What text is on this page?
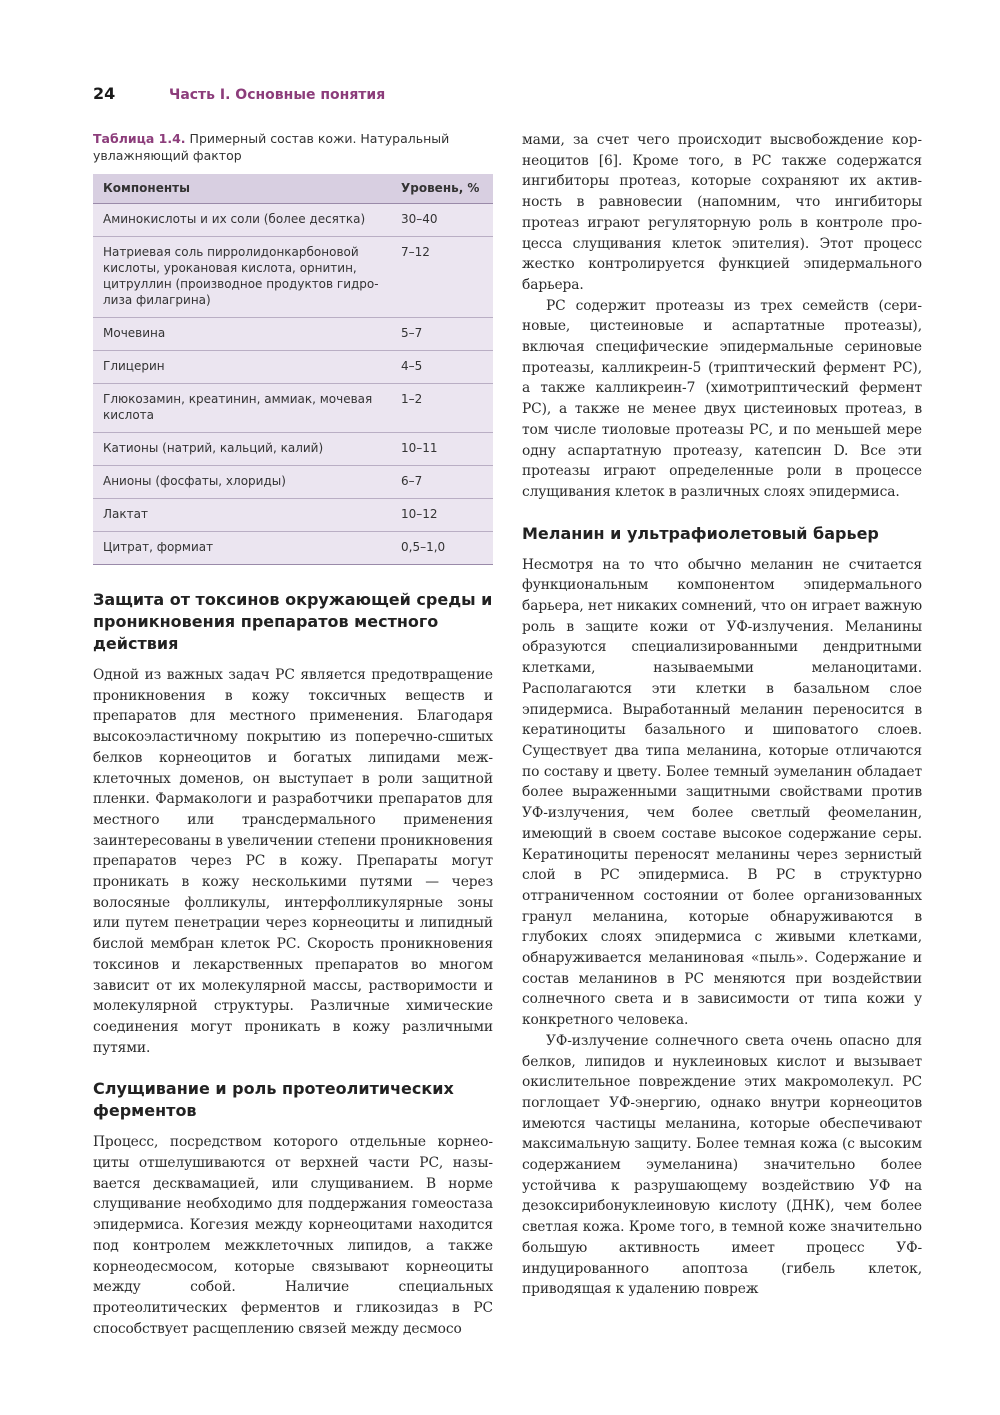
24	Часть I. Основные понятия

Таблица 1.4. Примерный состав кожи. Натуральный увлажняющий фактор

Компоненты	Уровень, %
Аминокислоты и их соли (более десятка)	30–40
Натриевая соль пирролидонкарбоновой кислоты, урокановая кислота, орнитин, цитруллин (производное продуктов гидролиза филагрина)	7–12
Мочевина	5–7
Глицерин	4–5
Глюкозамин, креатинин, аммиак, мочевая кислота	1–2
Катионы (натрий, кальций, калий)	10–11
Анионы (фосфаты, хлориды)	6–7
Лактат	10–12
Цитрат, формиат	0,5–1,0
Защита от токсинов окружающей среды и проникновения препаратов местного действия

Одной из важных задач РС является предотвращение проникновения в кожу токсичных веществ и препаратов для местного применения. Благодаря высокоэластичному покрытию из поперечно-сшитых белков корнеоцитов и богатых липидами межклеточных доменов, он выступает в роли защитной пленки. Фармакологи и разработчики препаратов для местного или трансдермального применения заинтересованы в увеличении степени проникновения препаратов через РС в кожу. Препараты могут проникать в кожу несколькими путями — через волосяные фолликулы, интерфолликулярные зоны или путем пенетрации через корнеоциты и липидный бислой мембран клеток РС. Скорость проникновения токсинов и лекарственных препаратов во многом зависит от их молекулярной массы, растворимости и молекулярной структуры. Различные химические соединения могут проникать в кожу различными путями.

Слущивание и роль протеолитических ферментов

Процесс, посредством которого отдельные корнеоциты отшелушиваются от верхней части РС, называется десквамацией, или слущиванием. В норме слущивание необходимо для поддержания гомеостаза эпидермиса. Когезия между корнеоцитами находится под контролем межклеточных липидов, а также корнеодесмосом, которые связывают корнеоциты между собой. Наличие специальных протеолитических ферментов и гликозидаз в РС способствует расщеплению связей между десмосо

мами, за счет чего происходит высвобождение корнеоцитов [6]. Кроме того, в РС также содержатся ингибиторы протеаз, которые сохраняют их активность в равновесии (напомним, что ингибиторы протеаз играют регуляторную роль в контроле процесса слущивания клеток эпителия). Этот процесс жестко контролируется функцией эпидермального барьера.

РС содержит протеазы из трех семейств (сериновые, цистеиновые и аспартатные протеазы), включая специфические эпидермальные сериновые протеазы, калликреин-5 (триптический фермент РС), а также калликреин-7 (химотриптический фермент РС), а также не менее двух цистеиновых протеаз, в том числе тиоловые протеазы РС, и по меньшей мере одну аспартатную протеазу, катепсин D. Все эти протеазы играют определенные роли в процессе слущивания клеток в различных слоях эпидермиса.

Меланин и ультрафиолетовый барьер

Несмотря на то что обычно меланин не считается функциональным компонентом эпидермального барьера, нет никаких сомнений, что он играет важную роль в защите кожи от УФ-излучения. Меланины образуются специализированными дендритными клетками, называемыми меланоцитами. Располагаются эти клетки в базальном слое эпидермиса. Выработанный меланин переносится в кератиноциты базального и шиповатого слоев. Существует два типа меланина, которые отличаются по составу и цвету. Более темный эумеланин обладает более выраженными защитными свойствами против УФ-излучения, чем более светлый феомеланин, имеющий в своем составе высокое содержание серы. Кератиноциты переносят меланины через зернистый слой в РС эпидермиса. В РС в структурно отграниченном состоянии от более организованных гранул меланина, которые обнаруживаются в глубоких слоях эпидермиса с живыми клетками, обнаруживается меланиновая «пыль». Содержание и состав меланинов в РС меняются при воздействии солнечного света и в зависимости от типа кожи у конкретного человека.

УФ-излучение солнечного света очень опасно для белков, липидов и нуклеиновых кислот и вызывает окислительное повреждение этих макромолекул. РС поглощает УФ-энергию, однако внутри корнеоцитов имеются частицы меланина, которые обеспечивают максимальную защиту. Более темная кожа (с высоким содержанием эумеланина) значительно более устойчива к разрушающему воздействию УФ на дезоксирибонуклеиновую кислоту (ДНК), чем более светлая кожа. Кроме того, в темной коже значительно большую активность имеет процесс УФ-индуцированного апоптоза (гибель клеток, приводящая к удалению повреж
